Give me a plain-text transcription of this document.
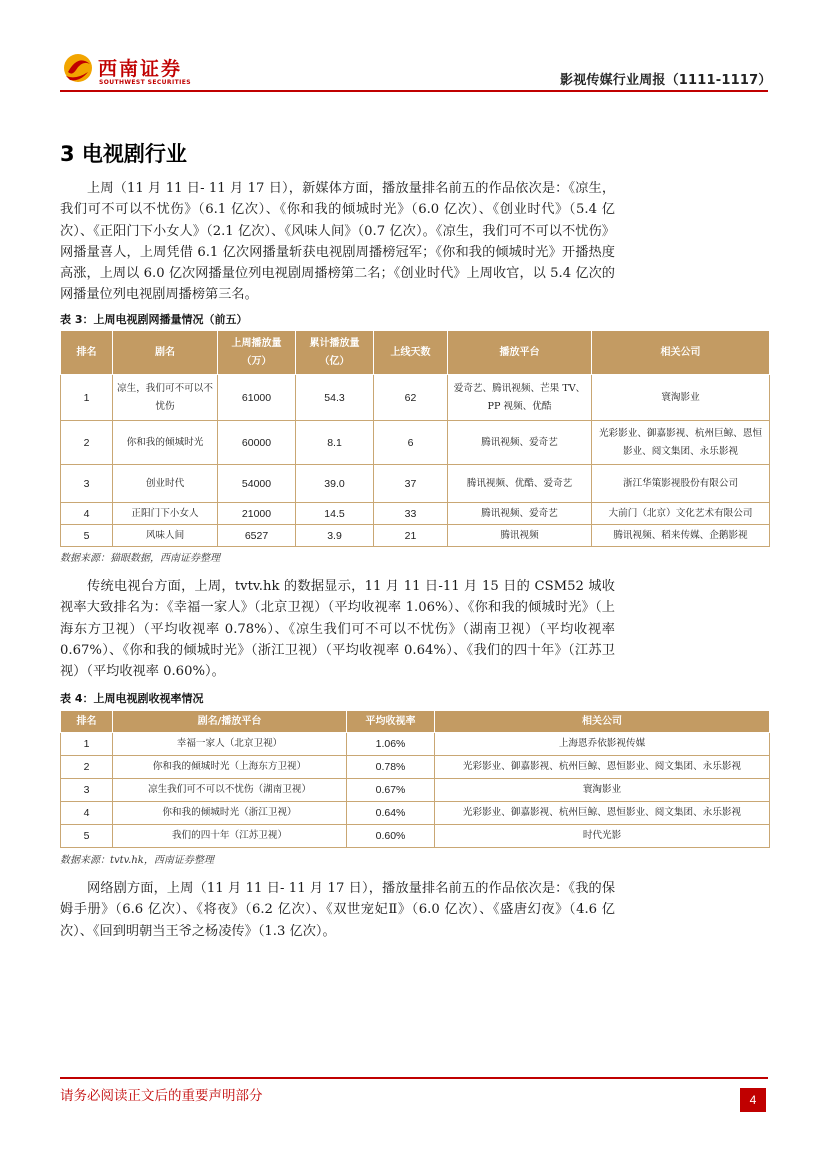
西南证券
SOUTHWEST SECURITIES	影视传媒行业周报（1111-1117）
3 电视剧行业

上周（11 月 11 日- 11 月 17 日），新媒体方面，播放量排名前五的作品依次是：《凉生，我们可不可以不忧伤》（6.1 亿次）、《你和我的倾城时光》（6.0 亿次）、《创业时代》（5.4 亿次）、《正阳门下小女人》（2.1 亿次）、《风味人间》（0.7 亿次）。《凉生，我们可不可以不忧伤》网播量喜人，上周凭借 6.1 亿次网播量斩获电视剧周播榜冠军；《你和我的倾城时光》开播热度高涨，上周以 6.0 亿次网播量位列电视剧周播榜第二名；《创业时代》上周收官，以 5.4 亿次的网播量位列电视剧周播榜第三名。

表 3：上周电视剧网播量情况（前五）
排名	剧名	上周播放量（万）	累计播放量（亿）	上线天数	播放平台	相关公司
1	凉生，我们可不可以不忧伤	61000	54.3	62	爱奇艺、腾讯视频、芒果 TV、PP 视频、优酷	寰淘影业
2	你和我的倾城时光	60000	8.1	6	腾讯视频、爱奇艺	光彩影业、御嘉影视、杭州巨鲸、恩恒影业、阅文集团、永乐影视
3	创业时代	54000	39.0	37	腾讯视频、优酷、爱奇艺	浙江华策影视股份有限公司
4	正阳门下小女人	21000	14.5	33	腾讯视频、爱奇艺	大前门（北京）文化艺术有限公司
5	风味人间	6527	3.9	21	腾讯视频	腾讯视频、稻来传媒、企鹅影视
数据来源：猫眼数据，西南证券整理

传统电视台方面，上周，tvtv.hk 的数据显示，11 月 11 日-11 月 15 日的 CSM52 城收视率大致排名为：《幸福一家人》（北京卫视）（平均收视率 1.06%）、《你和我的倾城时光》（上海东方卫视）（平均收视率 0.78%）、《凉生我们可不可以不忧伤》（湖南卫视）（平均收视率 0.67%）、《你和我的倾城时光》（浙江卫视）（平均收视率 0.64%）、《我们的四十年》（江苏卫视）（平均收视率 0.60%）。

表 4：上周电视剧收视率情况
排名	剧名/播放平台	平均收视率	相关公司
1	幸福一家人（北京卫视）	1.06%	上海恩乔依影视传媒
2	你和我的倾城时光（上海东方卫视）	0.78%	光彩影业、御嘉影视、杭州巨鲸、恩恒影业、阅文集团、永乐影视
3	凉生我们可不可以不忧伤（湖南卫视）	0.67%	寰淘影业
4	你和我的倾城时光（浙江卫视）	0.64%	光彩影业、御嘉影视、杭州巨鲸、恩恒影业、阅文集团、永乐影视
5	我们的四十年（江苏卫视）	0.60%	时代光影
数据来源：tvtv.hk，西南证券整理

网络剧方面，上周（11 月 11 日- 11 月 17 日），播放量排名前五的作品依次是：《我的保姆手册》（6.6 亿次）、《将夜》（6.2 亿次）、《双世宠妃Ⅱ》（6.0 亿次）、《盛唐幻夜》（4.6 亿次）、《回到明朝当王爷之杨凌传》（1.3 亿次）。

请务必阅读正文后的重要声明部分	4
